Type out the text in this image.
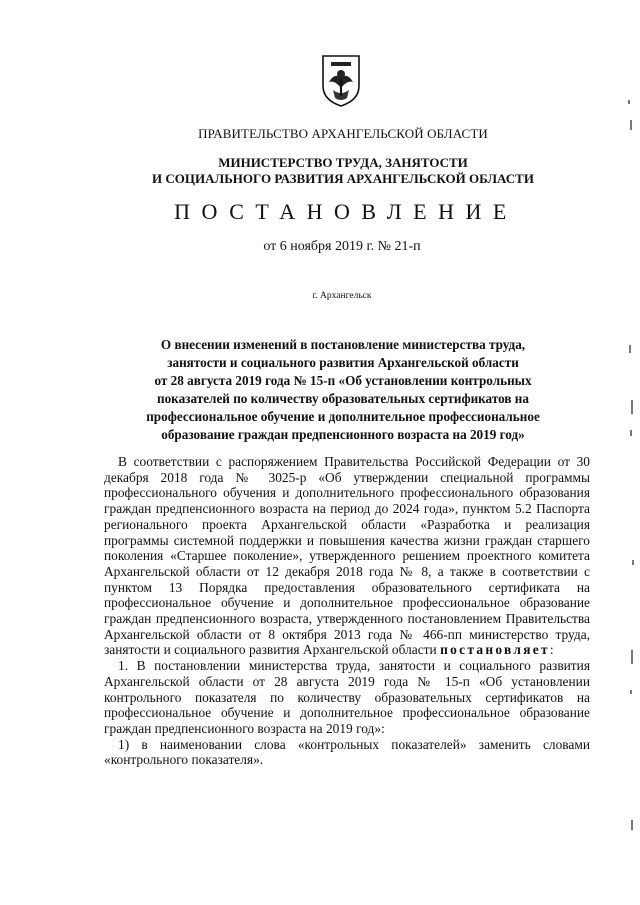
ПРАВИТЕЛЬСТВО АРХАНГЕЛЬСКОЙ ОБЛАСТИ
МИНИСТЕРСТВО ТРУДА, ЗАНЯТОСТИ
И СОЦИАЛЬНОГО РАЗВИТИЯ АРХАНГЕЛЬСКОЙ ОБЛАСТИ
ПОСТАНОВЛЕНИЕ
от 6 ноября 2019 г. № 21-п
г. Архангельск
О внесении изменений в постановление министерства труда,
занятости и социального развития Архангельской области
от 28 августа 2019 года № 15-п «Об установлении контрольных
показателей по количеству образовательных сертификатов на
профессиональное обучение и дополнительное профессиональное
образование граждан предпенсионного возраста на 2019 год»

В соответствии с распоряжением Правительства Российской Федерации от 30 декабря 2018 года № 3025-р «Об утверждении специальной программы профессионального обучения и дополнительного профессионального образования граждан предпенсионного возраста на период до 2024 года», пунктом 5.2 Паспорта регионального проекта Архангельской области «Разработка и реализация программы системной поддержки и повышения качества жизни граждан старшего поколения «Старшее поколение», утвержденного решением проектного комитета Архангельской области от 12 декабря 2018 года № 8, а также в соответствии с пунктом 13 Порядка предоставления образовательного сертификата на профессиональное обучение и дополнительное профессиональное образование граждан предпенсионного возраста, утвержденного постановлением Правительства Архангельской области от 8 октября 2013 года № 466-пп министерство труда, занятости и социального развития Архангельской области постановляет:

1. В постановлении министерства труда, занятости и социального развития Архангельской области от 28 августа 2019 года № 15-п «Об установлении контрольного показателя по количеству образовательных сертификатов на профессиональное обучение и дополнительное профессиональное образование граждан предпенсионного возраста на 2019 год»:

1) в наименовании слова «контрольных показателей» заменить словами «контрольного показателя».
